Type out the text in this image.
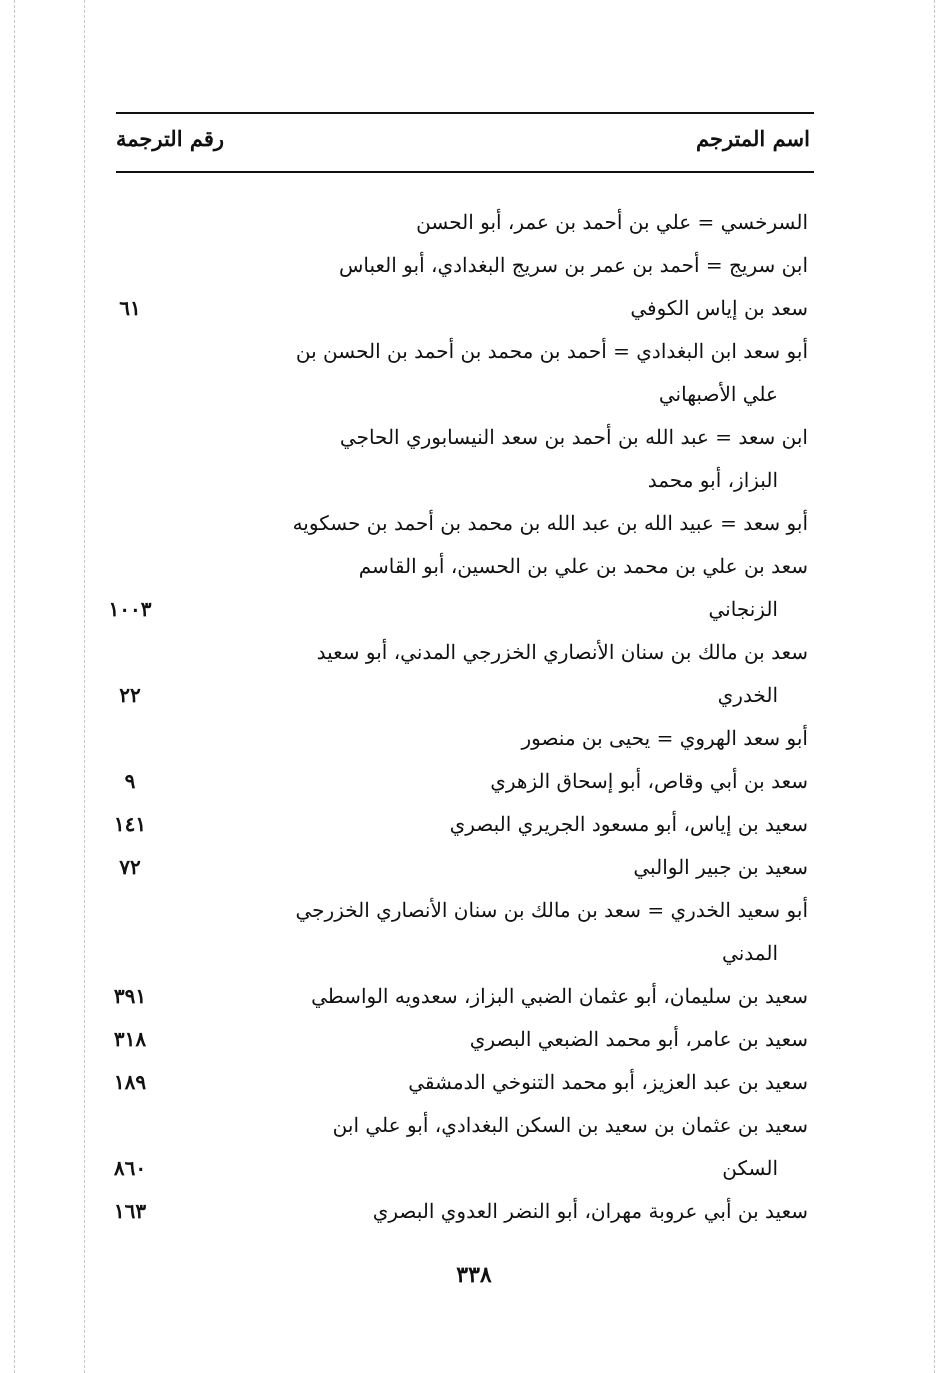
اسم المترجم
رقم الترجمة
السرخسي = علي بن أحمد بن عمر، أبو الحسن
ابن سريج = أحمد بن عمر بن سريج البغدادي، أبو العباس
سعد بن إياس الكوفي
٦١
أبو سعد ابن البغدادي = أحمد بن محمد بن أحمد بن الحسن بن
علي الأصبهاني
ابن سعد = عبد الله بن أحمد بن سعد النيسابوري الحاجي
البزاز، أبو محمد
أبو سعد = عبيد الله بن عبد الله بن محمد بن أحمد بن حسكويه
سعد بن علي بن محمد بن علي بن الحسين، أبو القاسم
الزنجاني
١٠٠٣
سعد بن مالك بن سنان الأنصاري الخزرجي المدني، أبو سعيد
الخدري
٢٢
أبو سعد الهروي = يحيى بن منصور
سعد بن أبي وقاص، أبو إسحاق الزهري
٩
سعيد بن إياس، أبو مسعود الجريري البصري
١٤١
سعيد بن جبير الوالبي
٧٢
أبو سعيد الخدري = سعد بن مالك بن سنان الأنصاري الخزرجي
المدني
سعيد بن سليمان، أبو عثمان الضبي البزاز، سعدويه الواسطي
٣٩١
سعيد بن عامر، أبو محمد الضبعي البصري
٣١٨
سعيد بن عبد العزيز، أبو محمد التنوخي الدمشقي
١٨٩
سعيد بن عثمان بن سعيد بن السكن البغدادي، أبو علي ابن
السكن
٨٦٠
سعيد بن أبي عروبة مهران، أبو النضر العدوي البصري
١٦٣
٣٣٨
